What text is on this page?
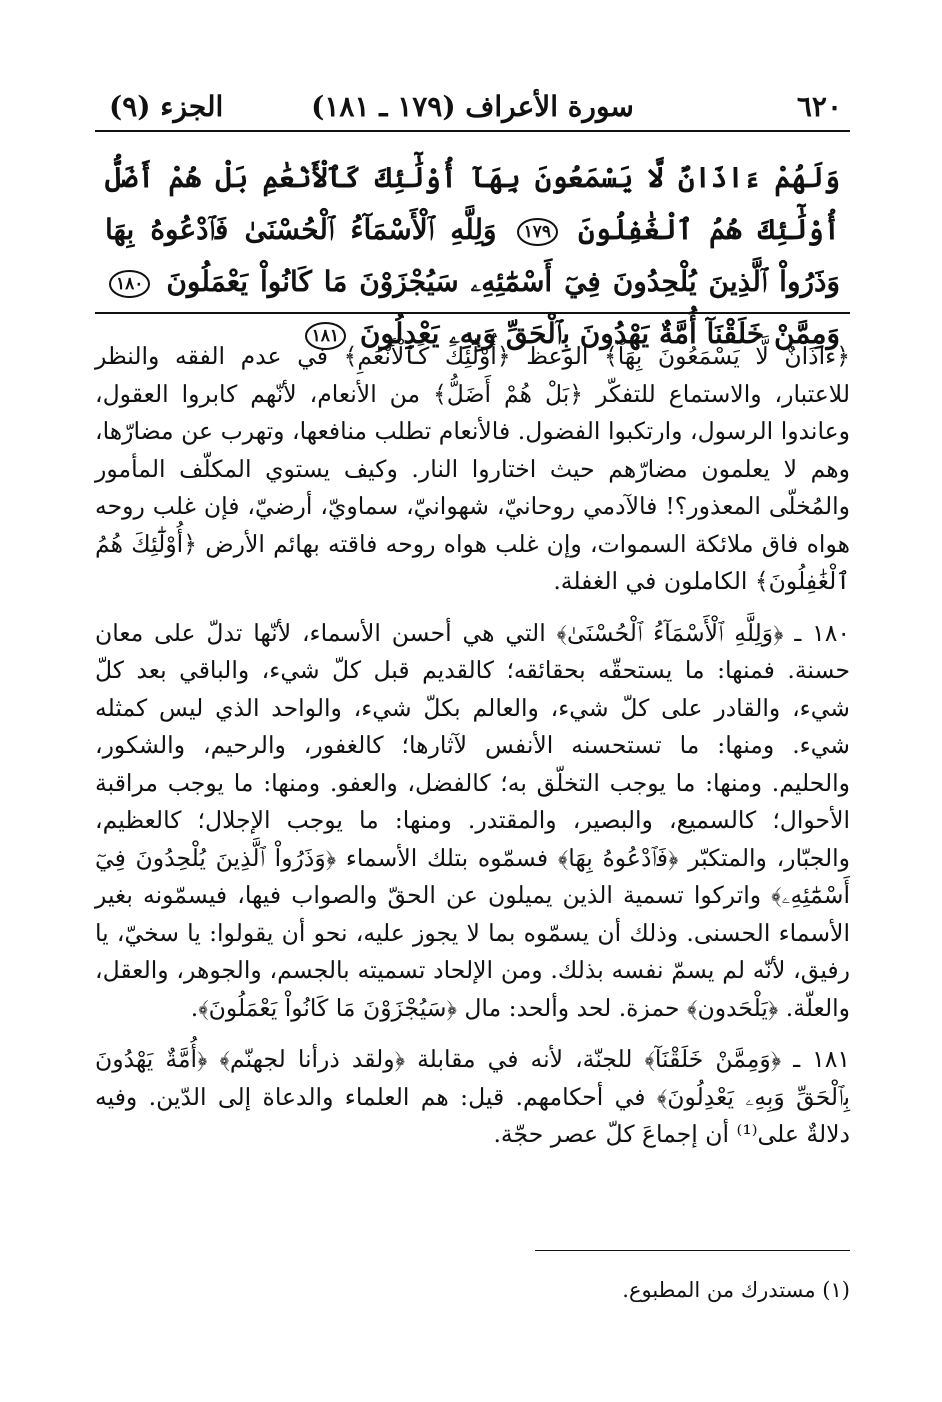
٦٢٠
سورة الأعراف (١٧٩ ـ ١٨١)
الجزء (٩)
وَلَهُمْ ءَاذَانٌ لَّا يَسْمَعُونَ بِهَآ أُوْلَٰٓئِكَ كَٱلْأَنْعَٰمِ بَلْ هُمْ أَضَلُّ أُوْلَٰٓئِكَ هُمُ ٱلْغَٰفِلُونَ ١٧٩ وَلِلَّهِ ٱلْأَسْمَآءُ ٱلْحُسْنَىٰ فَٱدْعُوهُ بِهَا وَذَرُواْ ٱلَّذِينَ يُلْحِدُونَ فِيٓ أَسْمَٰٓئِهِۦ سَيُجْزَوْنَ مَا كَانُواْ يَعْمَلُونَ ١٨٠ وَمِمَّنْ خَلَقْنَآ أُمَّةٌ يَهْدُونَ بِٱلْحَقِّ وَبِهِۦ يَعْدِلُونَ ١٨١

﴿ءَاذَانٌ لَّا يَسْمَعُونَ بِهَآ﴾ الوعظ ﴿أُوْلَٰٓئِكَ كَٱلْأَنْعَٰمِ﴾ في عدم الفقه والنظر للاعتبار، والاستماع للتفكّر ﴿بَلْ هُمْ أَضَلُّ﴾ من الأنعام، لأنّهم كابروا العقول، وعاندوا الرسول، وارتكبوا الفضول. فالأنعام تطلب منافعها، وتهرب عن مضارّها، وهم لا يعلمون مضارّهم حيث اختاروا النار. وكيف يستوي المكلّف المأمور والمُخلّى المعذور؟! فالآدمي روحانيّ، شهوانيّ، سماويّ، أرضيّ، فإن غلب روحه هواه فاق ملائكة السموات، وإن غلب هواه روحه فاقته بهائم الأرض ﴿أُوْلَٰٓئِكَ هُمُ ٱلْغَٰفِلُونَ﴾ الكاملون في الغفلة.

١٨٠ ـ ﴿وَلِلَّهِ ٱلْأَسْمَآءُ ٱلْحُسْنَىٰ﴾ التي هي أحسن الأسماء، لأنّها تدلّ على معان حسنة. فمنها: ما يستحقّه بحقائقه؛ كالقديم قبل كلّ شيء، والباقي بعد كلّ شيء، والقادر على كلّ شيء، والعالم بكلّ شيء، والواحد الذي ليس كمثله شيء. ومنها: ما تستحسنه الأنفس لآثارها؛ كالغفور، والرحيم، والشكور، والحليم. ومنها: ما يوجب التخلّق به؛ كالفضل، والعفو. ومنها: ما يوجب مراقبة الأحوال؛ كالسميع، والبصير، والمقتدر. ومنها: ما يوجب الإجلال؛ كالعظيم، والجبّار، والمتكبّر ﴿فَٱدْعُوهُ بِهَا﴾ فسمّوه بتلك الأسماء ﴿وَذَرُواْ ٱلَّذِينَ يُلْحِدُونَ فِيٓ أَسْمَٰٓئِهِۦ﴾ واتركوا تسمية الذين يميلون عن الحقّ والصواب فيها، فيسمّونه بغير الأسماء الحسنى. وذلك أن يسمّوه بما لا يجوز عليه، نحو أن يقولوا: يا سخيّ، يا رفيق، لأنّه لم يسمّ نفسه بذلك. ومن الإلحاد تسميته بالجسم، والجوهر، والعقل، والعلّة. ﴿يَلْحَدون﴾ حمزة. لحد وألحد: مال ﴿سَيُجْزَوْنَ مَا كَانُواْ يَعْمَلُونَ﴾.

١٨١ ـ ﴿وَمِمَّنْ خَلَقْنَآ﴾ للجنّة، لأنه في مقابلة ﴿ولقد ذرأنا لجهنّم﴾ ﴿أُمَّةٌ يَهْدُونَ بِٱلْحَقِّ وَبِهِۦ يَعْدِلُونَ﴾ في أحكامهم. قيل: هم العلماء والدعاة إلى الدّين. وفيه دلالةٌ على⁽¹⁾ أن إجماعَ كلّ عصر حجّة.

(١) مستدرك من المطبوع.
